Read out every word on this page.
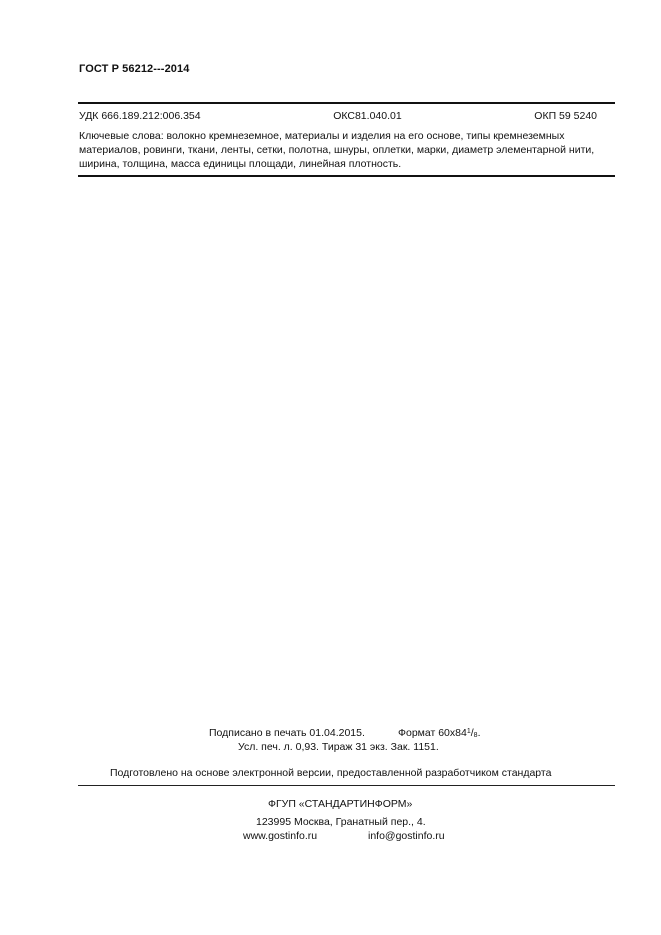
ГОСТ Р 56212---2014
УДК 666.189.212:006.354	ОКС81.040.01	ОКП 59 5240
Ключевые слова: волокно кремнеземное, материалы и изделия на его основе, типы кремнеземных материалов, ровинги, ткани, ленты, сетки, полотна, шнуры, оплетки, марки, диаметр элементарной нити, ширина, толщина, масса единицы площади, линейная плотность.
Подписано в печать 01.04.2015.	Формат $60х84^1/8$.
Усл. печ. л. 0,93. Тираж 31 экз. Зак. 1151.
Подготовлено на основе электронной версии, предоставленной разработчиком стандарта
ФГУП «СТАНДАРТИНФОРМ»
123995 Москва, Гранатный пер., 4.
www.gostinfo.ru	info@gostinfo.ru
